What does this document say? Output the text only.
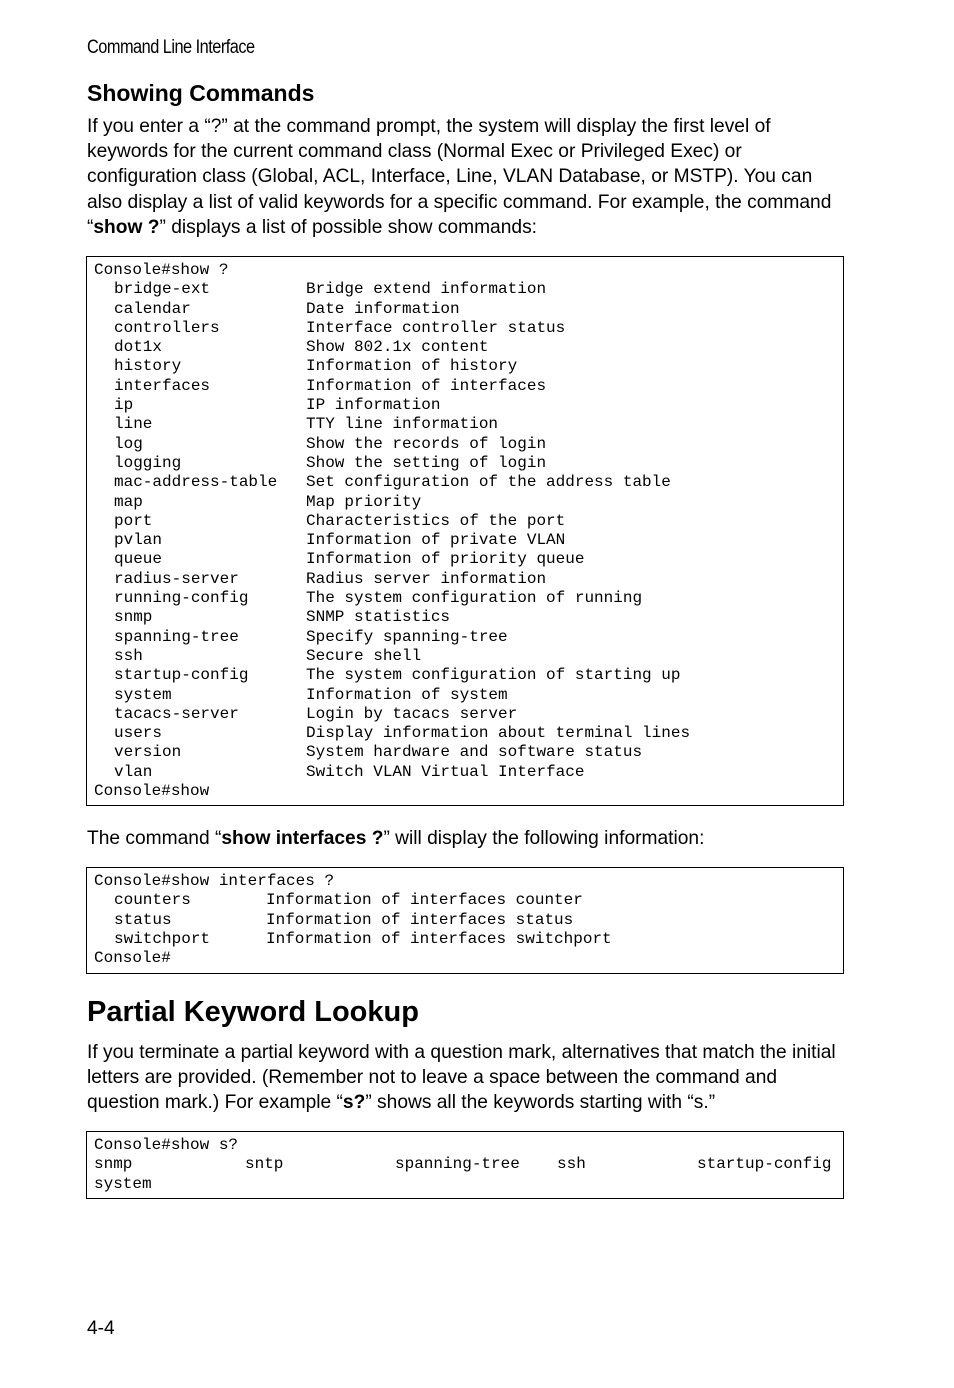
Command Line Interface
Showing Commands
If you enter a “?” at the command prompt, the system will display the first level of keywords for the current command class (Normal Exec or Privileged Exec) or configuration class (Global, ACL, Interface, Line, VLAN Database, or MSTP). You can also display a list of valid keywords for a specific command. For example, the command “show ?” displays a list of possible show commands:
Console#show ?
bridge-ext	Bridge extend information
calendar	Date information
controllers	Interface controller status
dot1x	Show 802.1x content
history	Information of history
interfaces	Information of interfaces
ip	IP information
line	TTY line information
log	Show the records of login
logging	Show the setting of login
mac-address-table Set configuration of the address table
map	Map priority
port	Characteristics of the port
pvlan	Information of private VLAN
queue	Information of priority queue
radius-server	Radius server information
running-config	The system configuration of running
snmp	SNMP statistics
spanning-tree	Specify spanning-tree
ssh	Secure shell
startup-config	The system configuration of starting up
system	Information of system
tacacs-server	Login by tacacs server
users	Display information about terminal lines
version	System hardware and software status
vlan	Switch VLAN Virtual Interface
Console#show
The command “show interfaces ?” will display the following information:
Console#show interfaces ?
counters	Information of interfaces counter
status	Information of interfaces status
switchport	Information of interfaces switchport
Console#
Partial Keyword Lookup
If you terminate a partial keyword with a question mark, alternatives that match the initial letters are provided. (Remember not to leave a space between the command and question mark.) For example “s?” shows all the keywords starting with “s.”
Console#show s?
snmp	sntp	spanning-tree	ssh	startup-config
system
4-4
